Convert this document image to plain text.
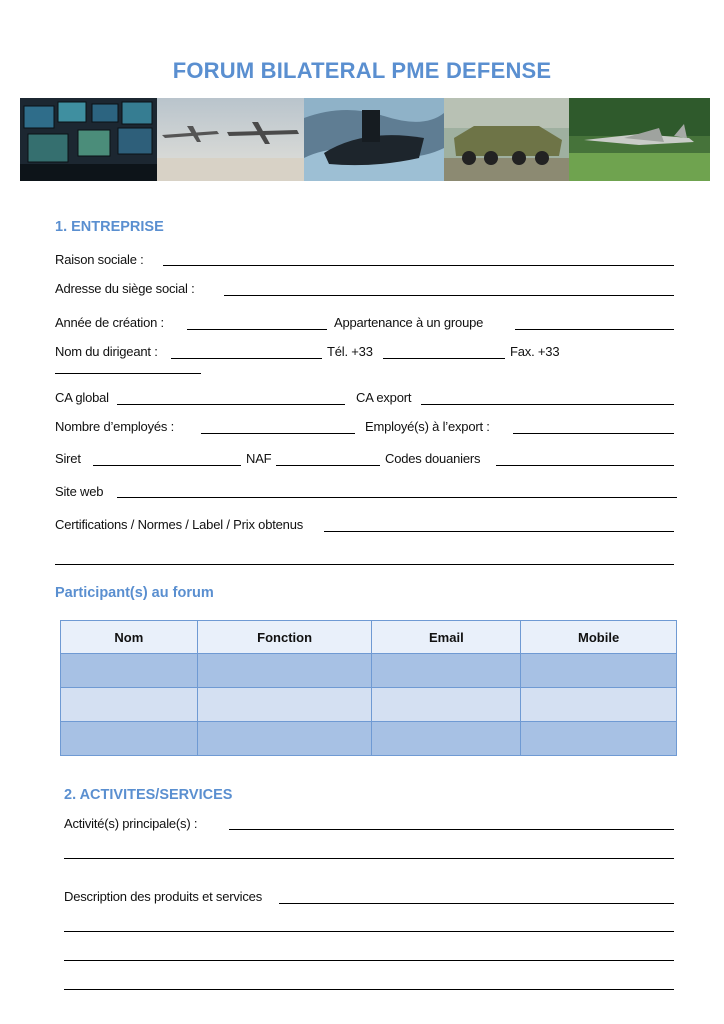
FORUM BILATERAL PME DEFENSE
1. ENTREPRISE
Raison sociale :
Adresse du siège social :
Année de création :	Appartenance à un groupe
Nom du dirigeant :	Tél. +33	Fax. +33
CA global	CA export
Nombre d’employés :	Employé(s) à l’export :
Siret	NAF	Codes douaniers
Site web
Certifications / Normes / Label / Prix obtenus
Participant(s) au forum
Nom	Fonction	Email	Mobile

2. ACTIVITES/SERVICES
Activité(s) principale(s) :
Description des produits et services
